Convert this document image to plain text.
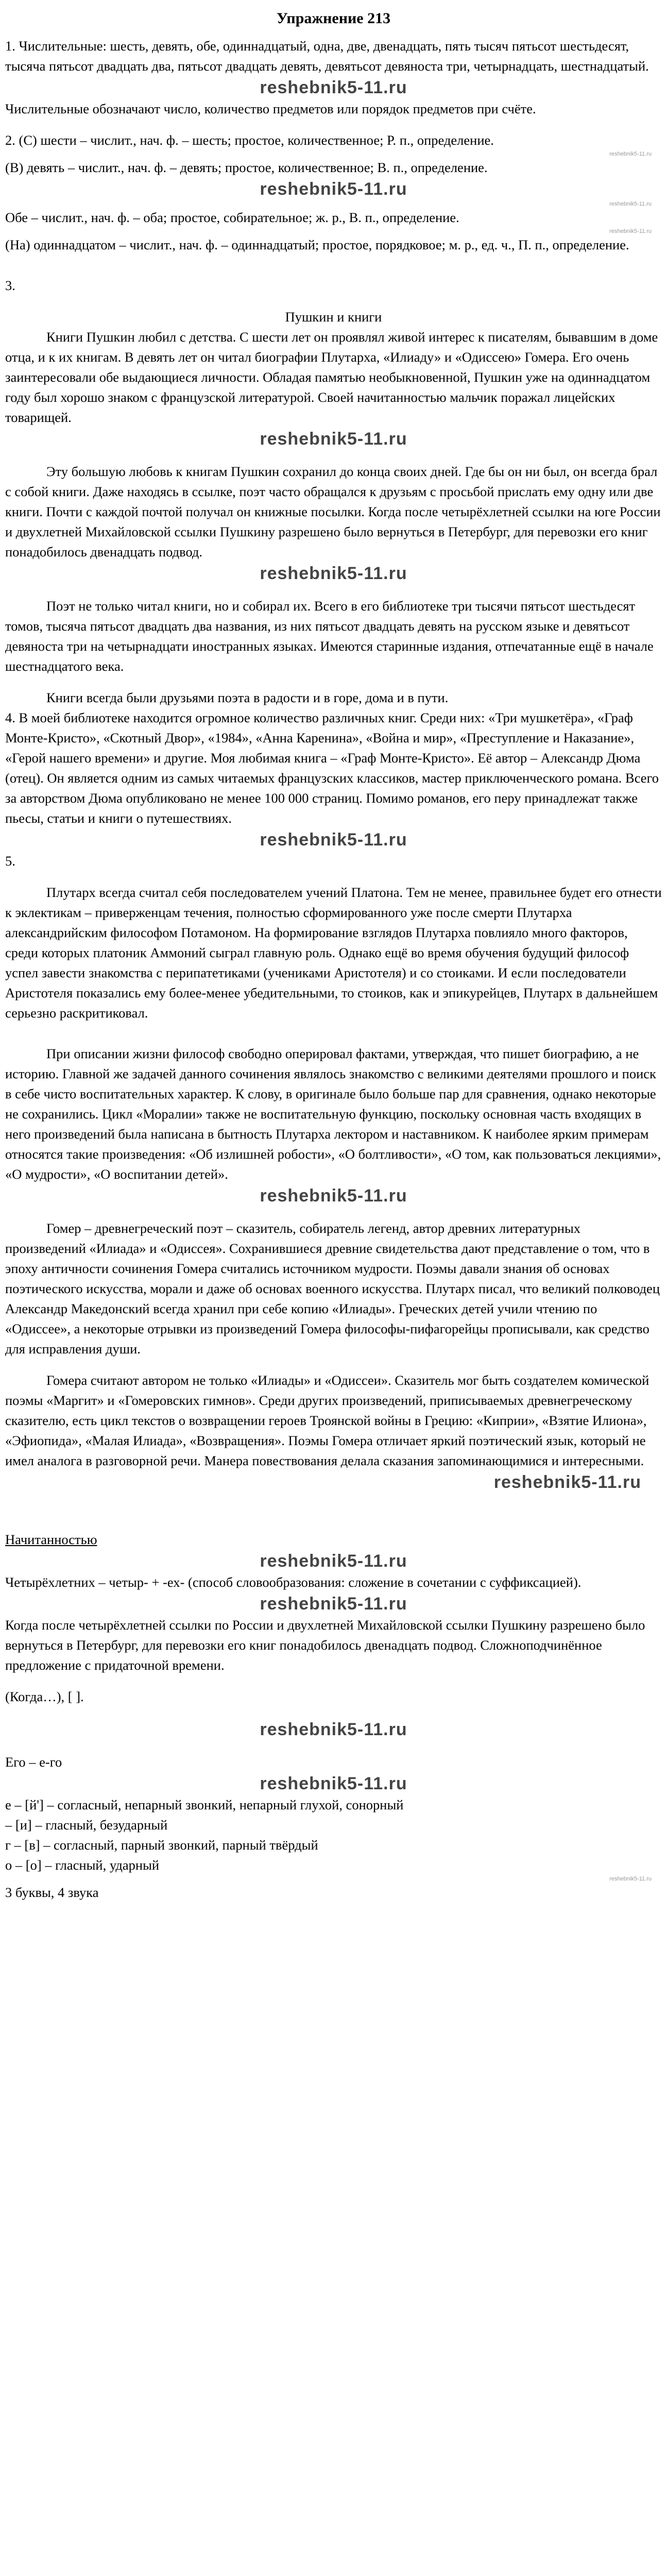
Упражнение 213

1. Числительные: шесть, девять, обе, одиннадцатый, одна, две, двенадцать, пять тысяч пятьсот шестьдесят, тысяча пятьсот двадцать два, пятьсот двадцать девять, девятьсот девяноста три, четырнадцать, шестнадцатый.

reshebnik5-11.ru

Числительные обозначают число, количество предметов или порядок предметов при счёте.

2. (С) шести – числит., нач. ф. – шесть; простое, количественное; Р. п., определение.

reshebnik5-11.ru

(В) девять – числит., нач. ф. – девять; простое, количественное; В. п., определение.

reshebnik5-11.ru
reshebnik5-11.ru

Обе – числит., нач. ф. – оба; простое, собирательное; ж. р., В. п., определение.

reshebnik5-11.ru

(На) одиннадцатом – числит., нач. ф. – одиннадцатый; простое, порядковое; м. р., ед. ч., П. п., определение.

3.

Пушкин и книги

Книги Пушкин любил с детства. С шести лет он проявлял живой интерес к писателям, бывавшим в доме отца, и к их книгам. В девять лет он читал биографии Плутарха, «Илиаду» и «Одиссею» Гомера. Его очень заинтересовали обе выдающиеся личности. Обладая памятью необыкновенной, Пушкин уже на одиннадцатом году был хорошо знаком с французской литературой. Своей начитанностью мальчик поражал лицейских товарищей.

reshebnik5-11.ru

Эту большую любовь к книгам Пушкин сохранил до конца своих дней. Где бы он ни был, он всегда брал с собой книги. Даже находясь в ссылке, поэт часто обращался к друзьям с просьбой прислать ему одну или две книги. Почти с каждой почтой получал он книжные посылки. Когда после четырёхлетней ссылки на юге России и двухлетней Михайловской ссылки Пушкину разрешено было вернуться в Петербург, для перевозки его книг понадобилось двенадцать подвод.

reshebnik5-11.ru

Поэт не только читал книги, но и собирал их. Всего в его библиотеке три тысячи пятьсот шестьдесят томов, тысяча пятьсот двадцать два названия, из них пятьсот двадцать девять на русском языке и девятьсот девяноста три на четырнадцати иностранных языках. Имеются старинные издания, отпечатанные ещё в начале шестнадцатого века.

Книги всегда были друзьями поэта в радости и в горе, дома и в пути.

4. В моей библиотеке находится огромное количество различных книг. Среди них: «Три мушкетёра», «Граф Монте-Кристо», «Скотный Двор», «1984», «Анна Каренина», «Война и мир», «Преступление и Наказание», «Герой нашего времени» и другие. Моя любимая книга – «Граф Монте-Кристо». Её автор – Александр Дюма (отец). Он является одним из самых читаемых французских классиков, мастер приключенческого романа. Всего за авторством Дюма опубликовано не менее 100 000 страниц. Помимо романов, его перу принадлежат также пьесы, статьи и книги о путешествиях.

reshebnik5-11.ru

5.

Плутарх всегда считал себя последователем учений Платона. Тем не менее, правильнее будет его отнести к эклектикам – приверженцам течения, полностью сформированного уже после смерти Плутарха александрийским философом Потамоном. На формирование взглядов Плутарха повлияло много факторов, среди которых платоник Аммоний сыграл главную роль. Однако ещё во время обучения будущий философ успел завести знакомства с перипатетиками (учениками Аристотеля) и со стоиками. И если последователи Аристотеля показались ему более-менее убедительными, то стоиков, как и эпикурейцев, Плутарх в дальнейшем серьезно раскритиковал.

При описании жизни философ свободно оперировал фактами, утверждая, что пишет биографию, а не историю. Главной же задачей данного сочинения являлось знакомство с великими деятелями прошлого и поиск в себе чисто воспитательных характер. К слову, в оригинале было больше пар для сравнения, однако некоторые не сохранились. Цикл «Моралии» также не воспитательную функцию, поскольку основная часть входящих в него произведений была написана в бытность Плутарха лектором и наставником. К наиболее ярким примерам относятся такие произведения: «Об излишней робости», «О болтливости», «О том, как пользоваться лекциями», «О мудрости», «О воспитании детей».

reshebnik5-11.ru

Гомер – древнегреческий поэт – сказитель, собиратель легенд, автор древних литературных произведений «Илиада» и «Одиссея». Сохранившиеся древние свидетельства дают представление о том, что в эпоху античности сочинения Гомера считались источником мудрости. Поэмы давали знания об основах поэтического искусства, морали и даже об основах военного искусства. Плутарх писал, что великий полководец Александр Македонский всегда хранил при себе копию «Илиады». Греческих детей учили чтению по «Одиссее», а некоторые отрывки из произведений Гомера философы-пифагорейцы прописывали, как средство для исправления души.

Гомера считают автором не только «Илиады» и «Одиссеи». Сказитель мог быть создателем комической поэмы «Маргит» и «Гомеровских гимнов». Среди других произведений, приписываемых древнегреческому сказителю, есть цикл текстов о возвращении героев Троянской войны в Грецию: «Киприи», «Взятие Илиона», «Эфиопида», «Малая Илиада», «Возвращения». Поэмы Гомера отличает яркий поэтический язык, который не имел аналога в разговорной речи. Манера повествования делала сказания запоминающимися и интересными.

reshebnik5-11.ru

Начитанностью

reshebnik5-11.ru

Четырёхлетних – четыр- + -ех- (способ словообразования: сложение в сочетании с суффиксацией).

reshebnik5-11.ru

Когда после четырёхлетней ссылки по России и двухлетней Михайловской ссылки Пушкину разрешено было вернуться в Петербург, для перевозки его книг понадобилось двенадцать подвод. Сложноподчинённое предложение с придаточной времени.

(Когда…), [ ].

reshebnik5-11.ru

Его – е-го

reshebnik5-11.ru

е – [й'] – согласный, непарный звонкий, непарный глухой, сонорный

– [и] – гласный, безударный

г – [в] – согласный, парный звонкий, парный твёрдый

о – [о] – гласный, ударный

reshebnik5-11.ru

3 буквы, 4 звука
